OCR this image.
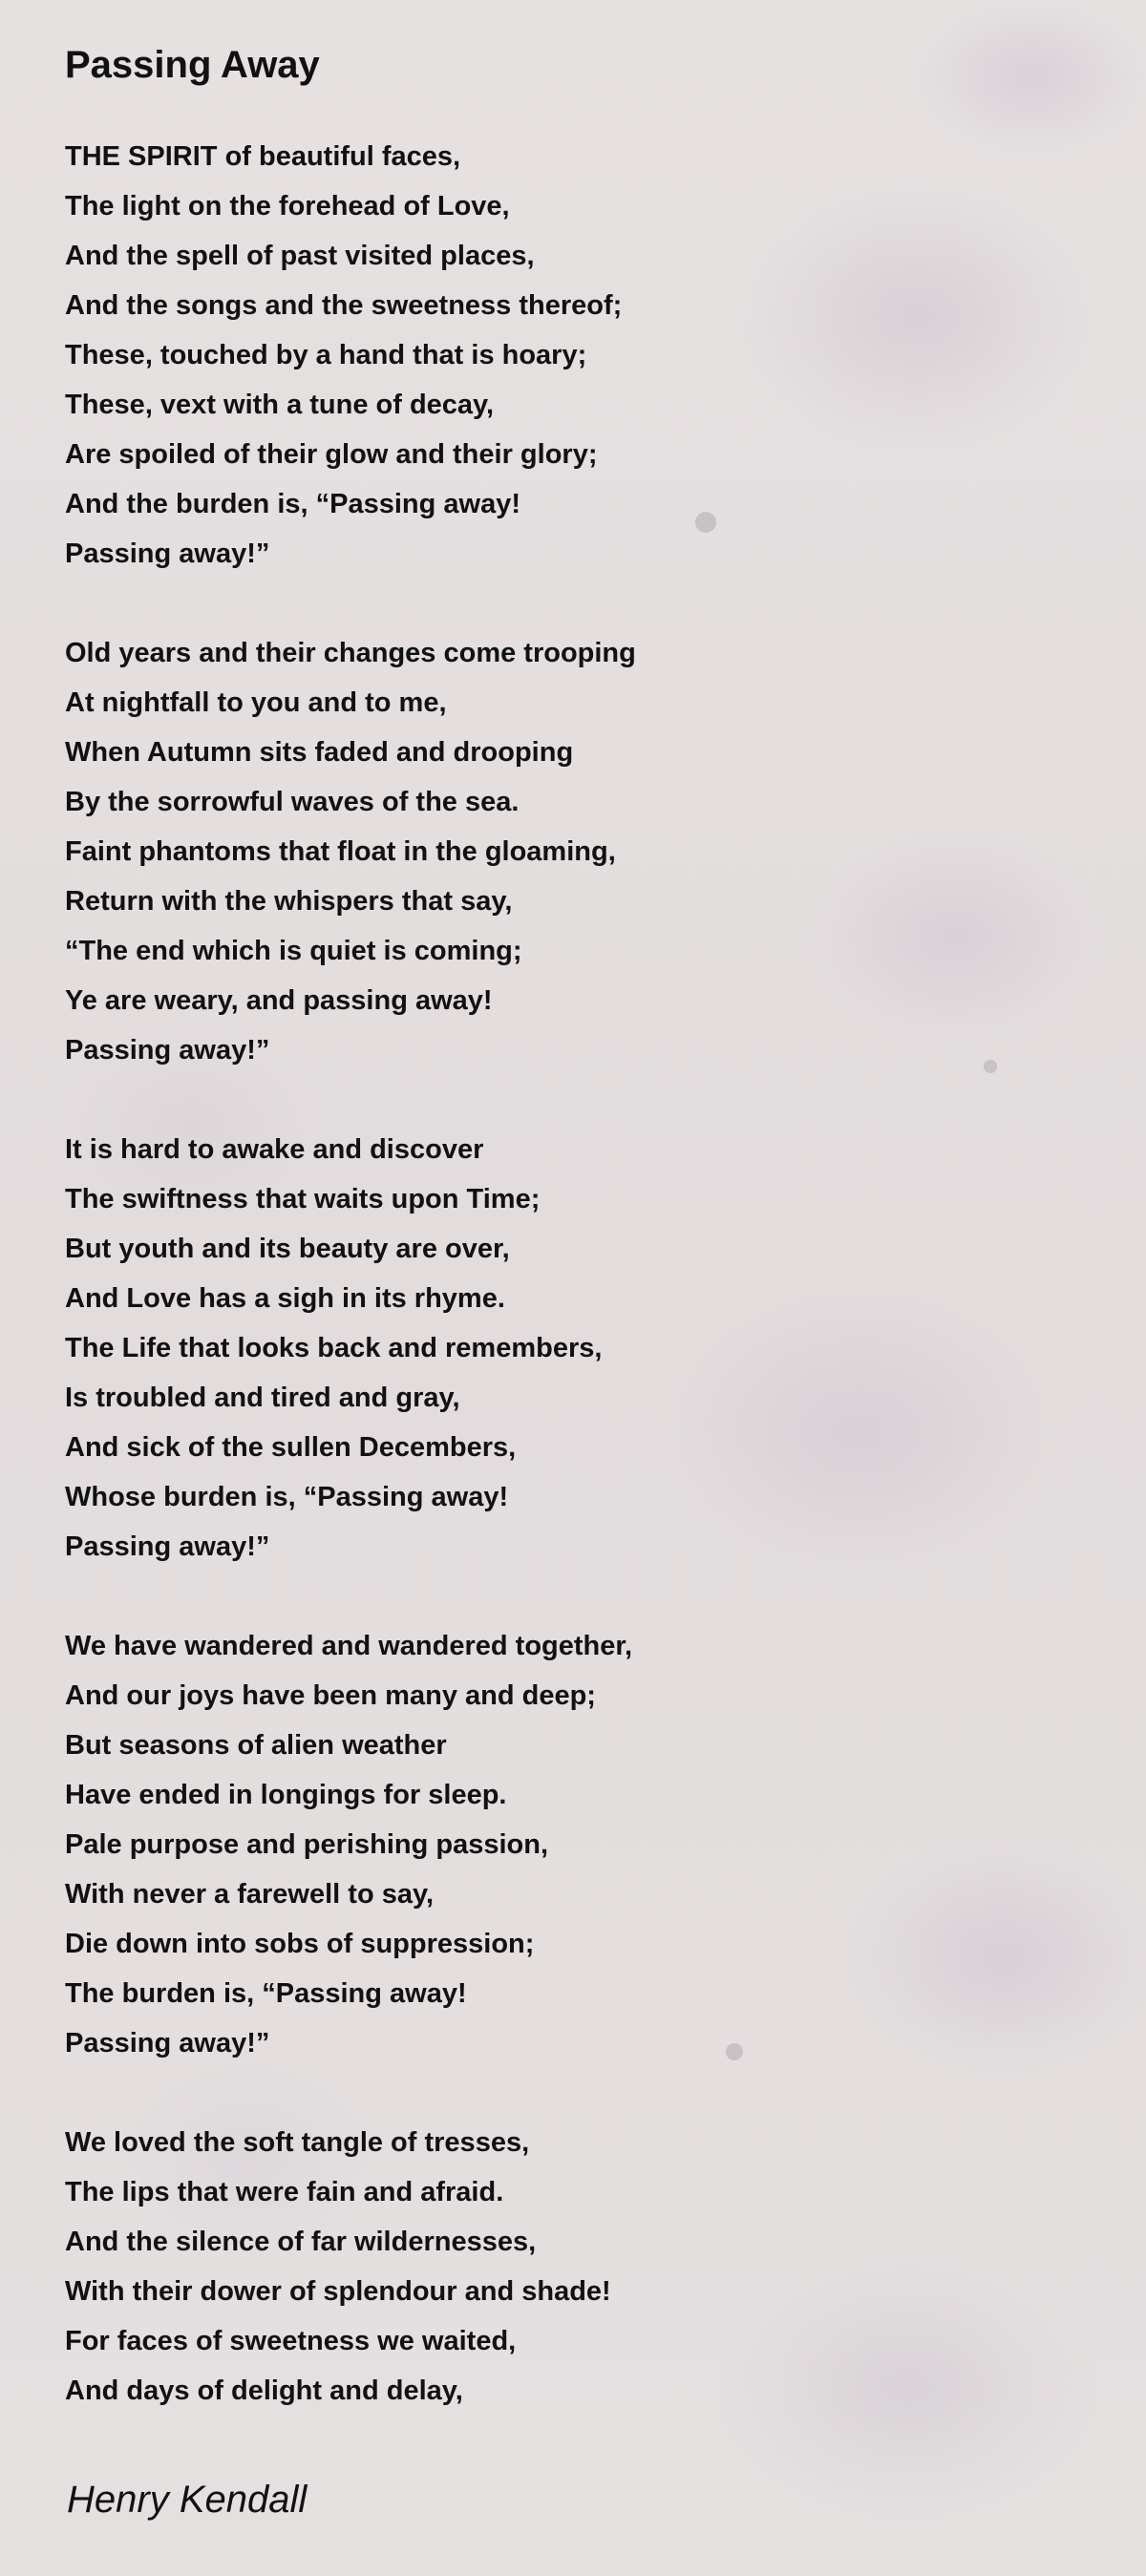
Passing Away
THE SPIRIT of beautiful faces,
The light on the forehead of Love,
And the spell of past visited places,
And the songs and the sweetness thereof;
These, touched by a hand that is hoary;
These, vext with a tune of decay,
Are spoiled of their glow and their glory;
And the burden is, “Passing away!
Passing away!”
Old years and their changes come trooping
At nightfall to you and to me,
When Autumn sits faded and drooping
By the sorrowful waves of the sea.
Faint phantoms that float in the gloaming,
Return with the whispers that say,
“The end which is quiet is coming;
Ye are weary, and passing away!
Passing away!”
It is hard to awake and discover
The swiftness that waits upon Time;
But youth and its beauty are over,
And Love has a sigh in its rhyme.
The Life that looks back and remembers,
Is troubled and tired and gray,
And sick of the sullen Decembers,
Whose burden is, “Passing away!
Passing away!”
We have wandered and wandered together,
And our joys have been many and deep;
But seasons of alien weather
Have ended in longings for sleep.
Pale purpose and perishing passion,
With never a farewell to say,
Die down into sobs of suppression;
The burden is, “Passing away!
Passing away!”
We loved the soft tangle of tresses,
The lips that were fain and afraid.
And the silence of far wildernesses,
With their dower of splendour and shade!
For faces of sweetness we waited,
And days of delight and delay,
Henry Kendall
